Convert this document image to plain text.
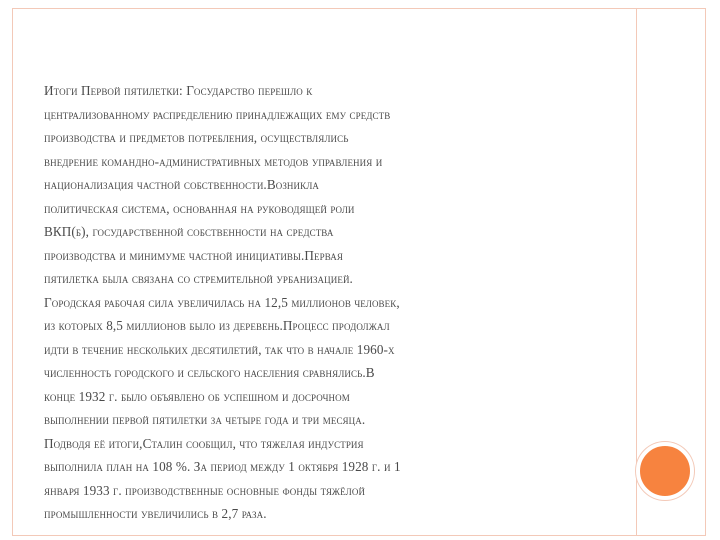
Итоги Первой пятилетки: Государство перешло к
централизованному распределению принадлежащих ему средств
производства и предметов потребления, осуществлялись
внедрение командно-административных методов управления и
национализация частной собственности.Возникла
политическая система, основанная на руководящей роли
ВКП(б), государственной собственности на средства
производства и минимуме частной инициативы.Первая
пятилетка была связана со стремительной урбанизацией.
Городская рабочая сила увеличилась на 12,5 миллионов человек,
из которых 8,5 миллионов было из деревень.Процесс продолжал
идти в течение нескольких десятилетий, так что в начале 1960-х
численность городского и сельского населения сравнялись.В
конце 1932 г. было объявлено об успешном и досрочном
выполнении первой пятилетки за четыре года и три месяца.
Подводя её итоги,Сталин сообщил, что тяжелая индустрия
выполнила план на 108 %. За период между 1 октября 1928 г. и 1
января 1933 г. производственные основные фонды тяжёлой
промышленности увеличились в 2,7 раза.
